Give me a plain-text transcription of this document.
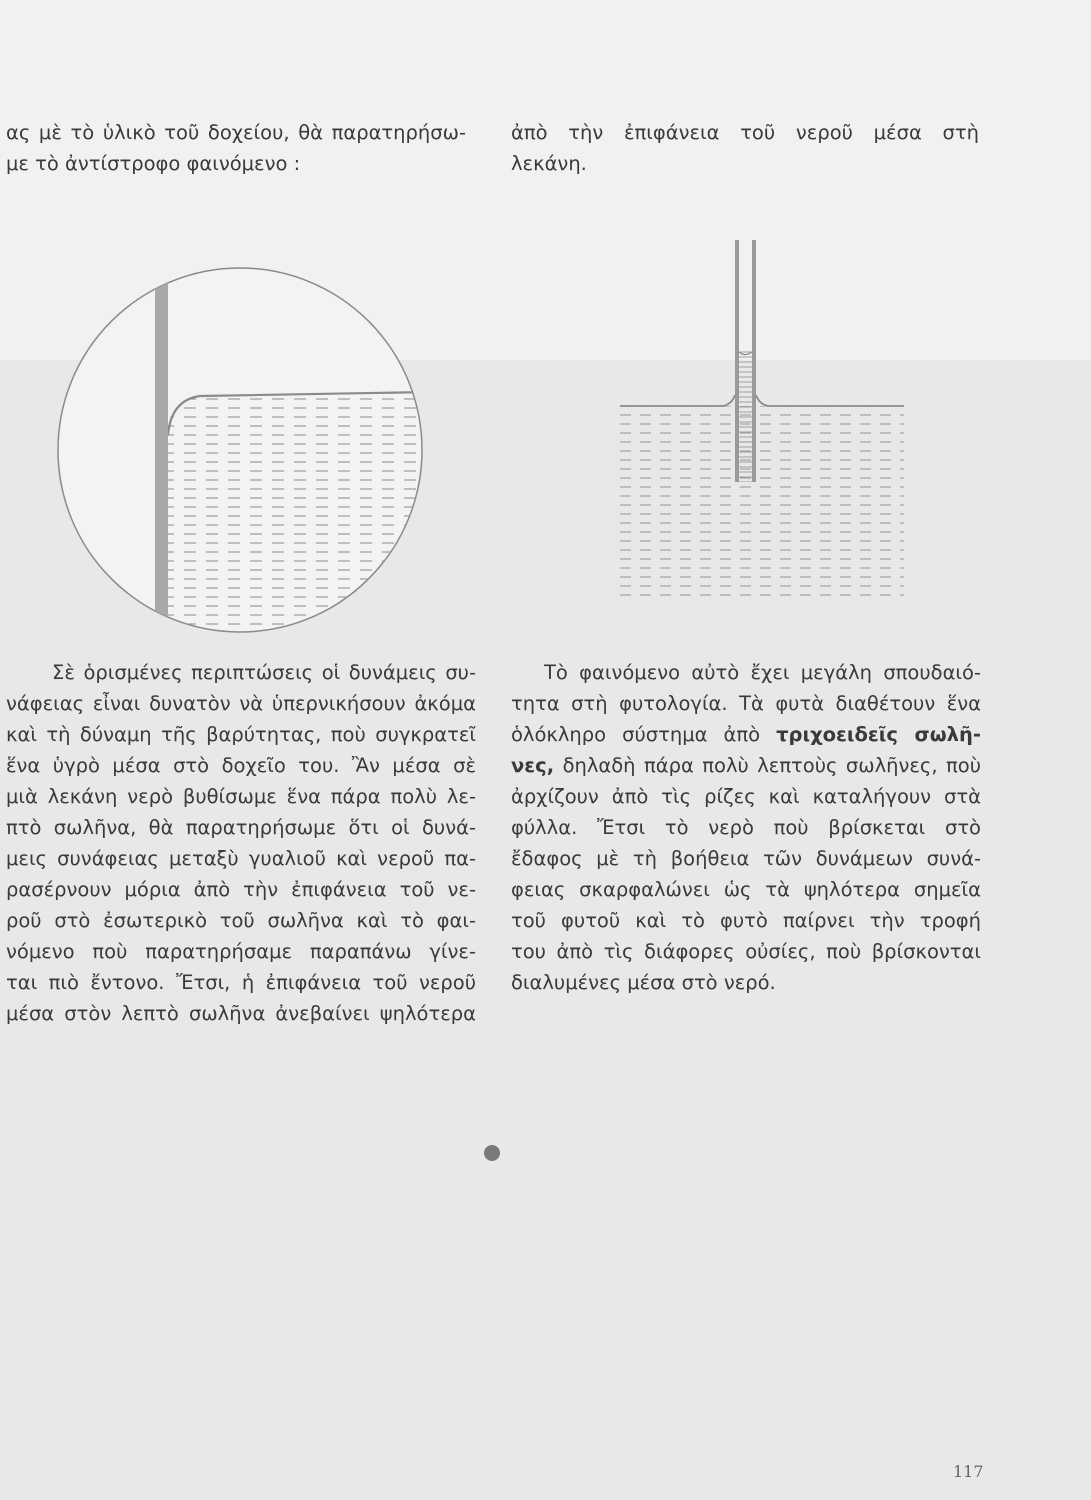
ας μὲ τὸ ὑλικὸ τοῦ δοχείου, θὰ παρατηρήσω-
με τὸ ἀντίστροφο φαινόμενο :
ἀπὸ τὴν ἐπιφάνεια τοῦ νεροῦ μέσα στὴ
λεκάνη.
Σὲ ὁρισμένες περιπτώσεις οἱ δυνάμεις συ-
νάφειας εἶναι δυνατὸν νὰ ὑπερνικήσουν ἀκόμα
καὶ τὴ δύναμη τῆς βαρύτητας, ποὺ συγκρατεῖ
ἕνα ὑγρὸ μέσα στὸ δοχεῖο του. Ἂν μέσα σὲ
μιὰ λεκάνη νερὸ βυθίσωμε ἕνα πάρα πολὺ λε-
πτὸ σωλῆνα, θὰ παρατηρήσωμε ὅτι οἱ δυνά-
μεις συνάφειας μεταξὺ γυαλιοῦ καὶ νεροῦ πα-
ρασέρνουν μόρια ἀπὸ τὴν ἐπιφάνεια τοῦ νε-
ροῦ στὸ ἐσωτερικὸ τοῦ σωλῆνα καὶ τὸ φαι-
νόμενο ποὺ παρατηρήσαμε παραπάνω γίνε-
ται πιὸ ἔντονο. Ἔτσι, ἡ ἐπιφάνεια τοῦ νεροῦ
μέσα στὸν λεπτὸ σωλῆνα ἀνεβαίνει ψηλότερα
Τὸ φαινόμενο αὐτὸ ἔχει μεγάλη σπουδαιό-
τητα στὴ φυτολογία. Τὰ φυτὰ διαθέτουν ἕνα
ὁλόκληρο σύστημα ἀπὸ τριχοειδεῖς σωλῆ-
νες, δηλαδὴ πάρα πολὺ λεπτοὺς σωλῆνες, ποὺ
ἀρχίζουν ἀπὸ τὶς ρίζες καὶ καταλήγουν στὰ
φύλλα. Ἔτσι τὸ νερὸ ποὺ βρίσκεται στὸ
ἔδαφος μὲ τὴ βοήθεια τῶν δυνάμεων συνά-
φειας σκαρφαλώνει ὡς τὰ ψηλότερα σημεῖα
τοῦ φυτοῦ καὶ τὸ φυτὸ παίρνει τὴν τροφή
του ἀπὸ τὶς διάφορες οὐσίες, ποὺ βρίσκονται
διαλυμένες μέσα στὸ νερό.
117
